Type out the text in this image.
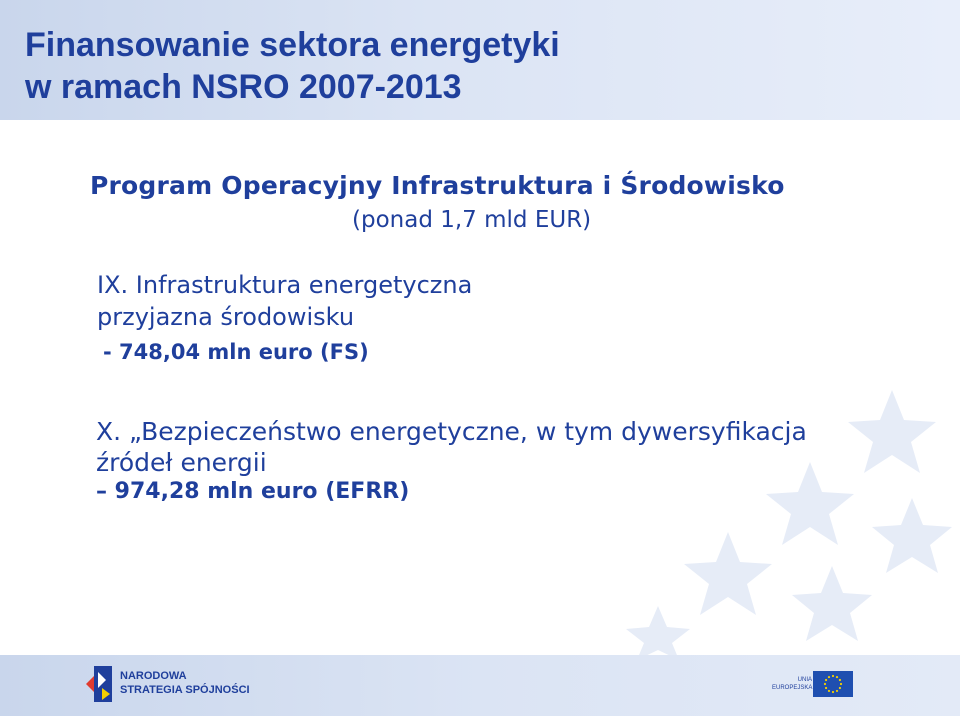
Finansowanie sektora energetyki
w ramach NSRO 2007-2013
Program Operacyjny Infrastruktura i Środowisko
(ponad 1,7 mld EUR)
IX. Infrastruktura energetyczna
przyjazna środowisku
- 748,04 mln euro (FS)
X. „Bezpieczeństwo energetyczne, w tym dywersyfikacja
źródeł energii
– 974,28 mln euro (EFRR)
NARODOWA
STRATEGIA SPÓJNOŚCI
UNIA
EUROPEJSKA
